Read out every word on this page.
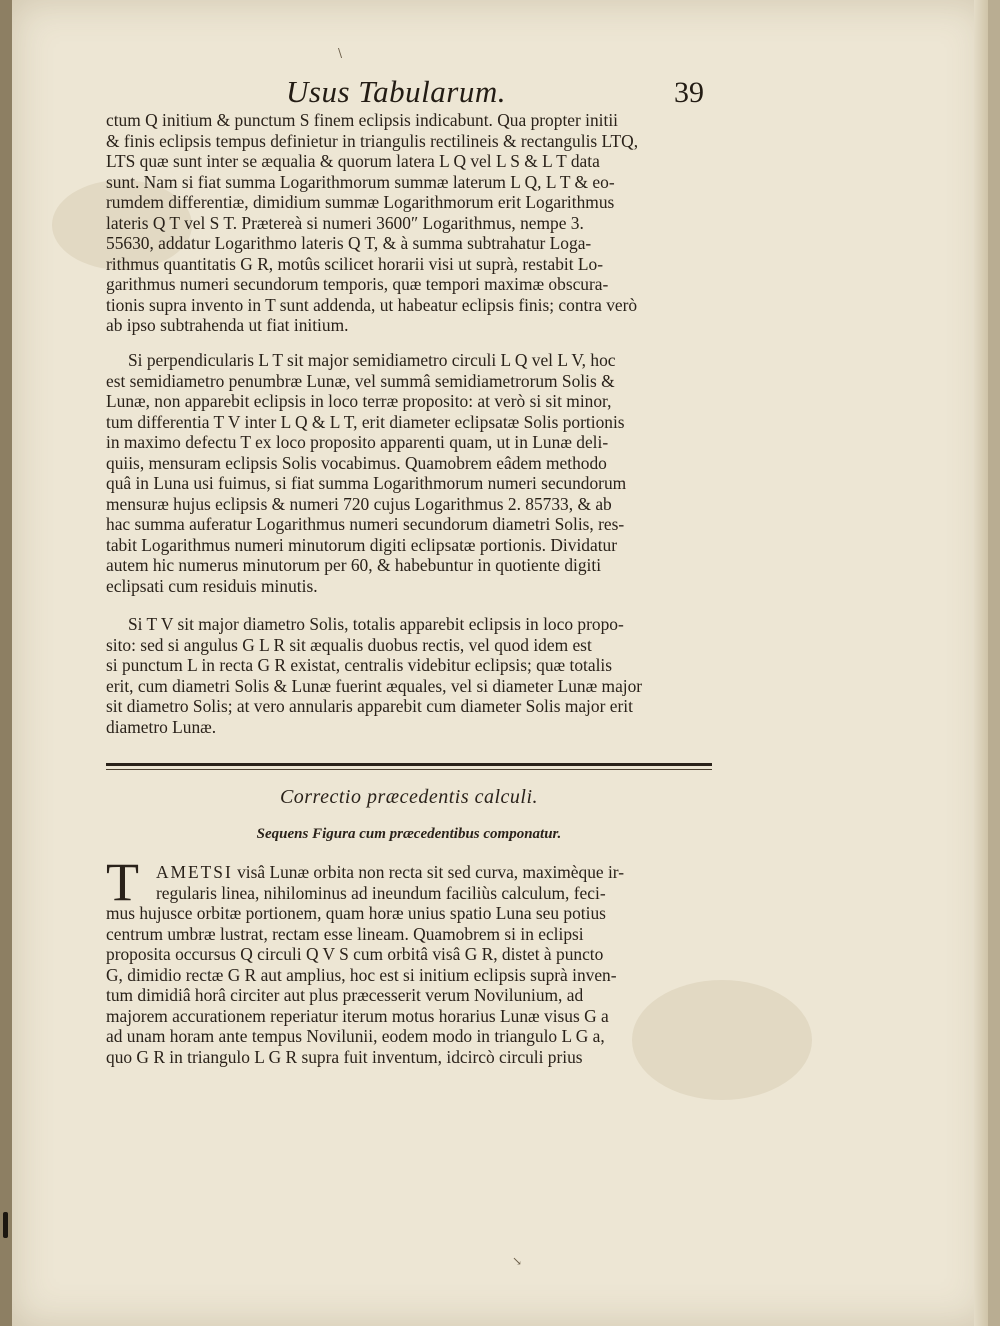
\
↘
Usus Tabularum.	39
ctum Q initium & punctum S finem eclipsis indicabunt. Qua propter initii
& finis eclipsis tempus definietur in triangulis rectilineis & rectangulis LTQ,
LTS quæ sunt inter se æqualia & quorum latera L Q vel L S & L T data
sunt. Nam si fiat summa Logarithmorum summæ laterum L Q, L T & eo-
rumdem differentiæ, dimidium summæ Logarithmorum erit Logarithmus
lateris Q T vel S T. Prætereà si numeri 3600″ Logarithmus, nempe 3.
55630, addatur Logarithmo lateris Q T, & à summa subtrahatur Loga-
rithmus quantitatis G R, motûs scilicet horarii visi ut suprà, restabit Lo-
garithmus numeri secundorum temporis, quæ tempori maximæ obscura-
tionis supra invento in T sunt addenda, ut habeatur eclipsis finis; contra verò
ab ipso subtrahenda ut fiat initium.
Si perpendicularis L T sit major semidiametro circuli L Q vel L V, hoc
est semidiametro penumbræ Lunæ, vel summâ semidiametrorum Solis &
Lunæ, non apparebit eclipsis in loco terræ proposito: at verò si sit minor,
tum differentia T V inter L Q & L T, erit diameter eclipsatæ Solis portionis
in maximo defectu T ex loco proposito apparenti quam, ut in Lunæ deli-
quiis, mensuram eclipsis Solis vocabimus. Quamobrem eâdem methodo
quâ in Luna usi fuimus, si fiat summa Logarithmorum numeri secundorum
mensuræ hujus eclipsis & numeri 720 cujus Logarithmus 2. 85733, & ab
hac summa auferatur Logarithmus numeri secundorum diametri Solis, res-
tabit Logarithmus numeri minutorum digiti eclipsatæ portionis. Dividatur
autem hic numerus minutorum per 60, & habebuntur in quotiente digiti
eclipsati cum residuis minutis.
Si T V sit major diametro Solis, totalis apparebit eclipsis in loco propo-
sito: sed si angulus G L R sit æqualis duobus rectis, vel quod idem est
si punctum L in recta G R existat, centralis videbitur eclipsis; quæ totalis
erit, cum diametri Solis & Lunæ fuerint æquales, vel si diameter Lunæ major
sit diametro Solis; at vero annularis apparebit cum diameter Solis major erit
diametro Lunæ.
Correctio præcedentis calculi.
Sequens Figura cum præcedentibus componatur.
T AMETSI visâ Lunæ orbita non recta sit sed curva, maximèque ir-
regularis linea, nihilominus ad ineundum faciliùs calculum, feci-
mus hujusce orbitæ portionem, quam horæ unius spatio Luna seu potius
centrum umbræ lustrat, rectam esse lineam. Quamobrem si in eclipsi
proposita occursus Q circuli Q V S cum orbitâ visâ G R, distet à puncto
G, dimidio rectæ G R aut amplius, hoc est si initium eclipsis suprà inven-
tum dimidiâ horâ circiter aut plus præcesserit verum Novilunium, ad
majorem accurationem reperiatur iterum motus horarius Lunæ visus G a
ad unam horam ante tempus Novilunii, eodem modo in triangulo L G a,
quo G R in triangulo L G R supra fuit inventum, idcircò circuli prius
